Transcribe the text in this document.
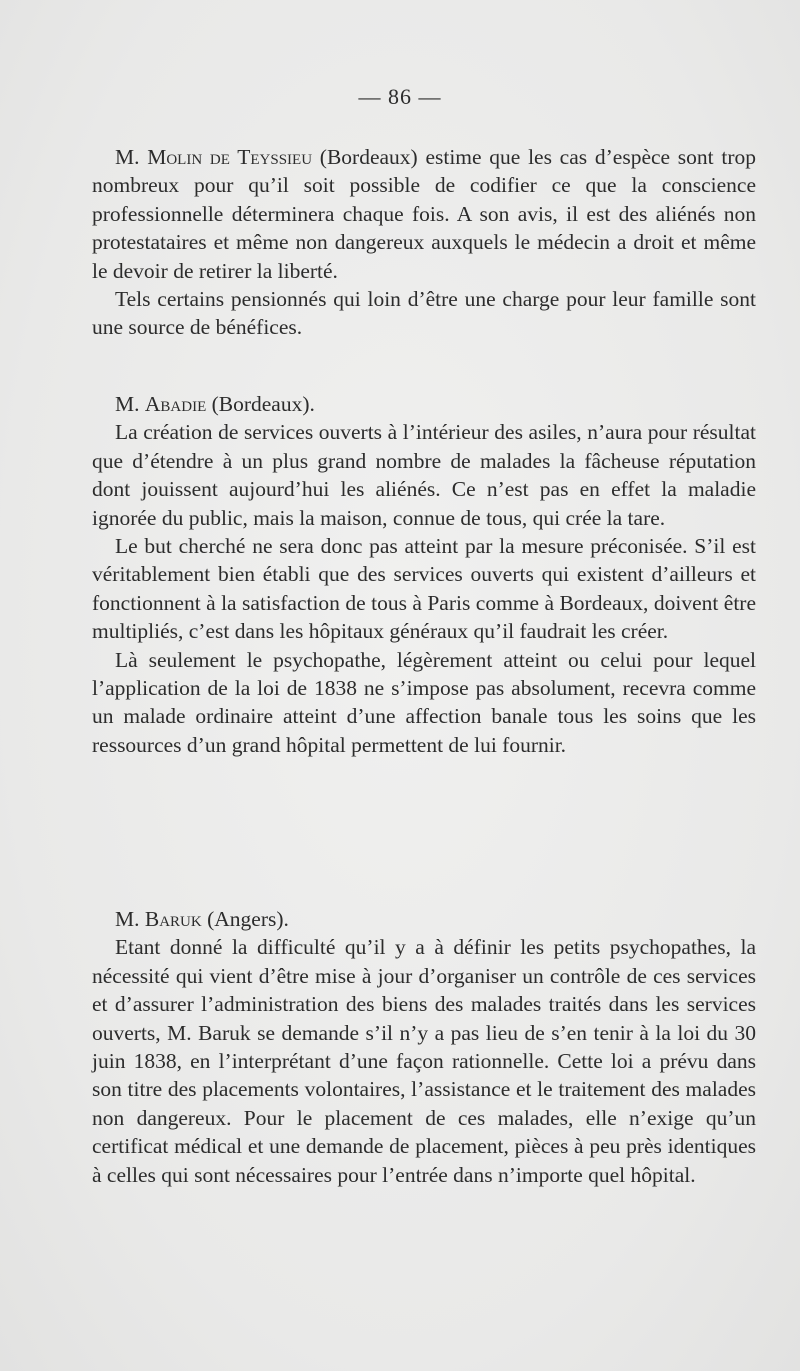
— 86 —

M. Molin de Teyssieu (Bordeaux) estime que les cas d’espèce sont trop nombreux pour qu’il soit possible de codifier ce que la conscience professionnelle déterminera chaque fois. A son avis, il est des aliénés non protestataires et même non dangereux auxquels le médecin a droit et même le devoir de retirer la liberté.

Tels certains pensionnés qui loin d’être une charge pour leur famille sont une source de bénéfices.

M. Abadie (Bordeaux).

La création de services ouverts à l’intérieur des asiles, n’aura pour résultat que d’étendre à un plus grand nombre de malades la fâcheuse réputation dont jouissent aujourd’hui les aliénés. Ce n’est pas en effet la maladie ignorée du public, mais la maison, connue de tous, qui crée la tare.

Le but cherché ne sera donc pas atteint par la mesure préconisée. S’il est véritablement bien établi que des services ouverts qui existent d’ailleurs et fonctionnent à la satisfaction de tous à Paris comme à Bordeaux, doivent être multipliés, c’est dans les hôpitaux généraux qu’il faudrait les créer.

Là seulement le psychopathe, légèrement atteint ou celui pour lequel l’application de la loi de 1838 ne s’impose pas absolument, recevra comme un malade ordinaire atteint d’une affection banale tous les soins que les ressources d’un grand hôpital permettent de lui fournir.

M. Baruk (Angers).

Etant donné la difficulté qu’il y a à définir les petits psychopathes, la nécessité qui vient d’être mise à jour d’organiser un contrôle de ces services et d’assurer l’administration des biens des malades traités dans les services ouverts, M. Baruk se demande s’il n’y a pas lieu de s’en tenir à la loi du 30 juin 1838, en l’interprétant d’une façon rationnelle. Cette loi a prévu dans son titre des placements volontaires, l’assistance et le traitement des malades non dangereux. Pour le placement de ces malades, elle n’exige qu’un certificat médical et une demande de placement, pièces à peu près identiques à celles qui sont nécessaires pour l’entrée dans n’importe quel hôpital.
